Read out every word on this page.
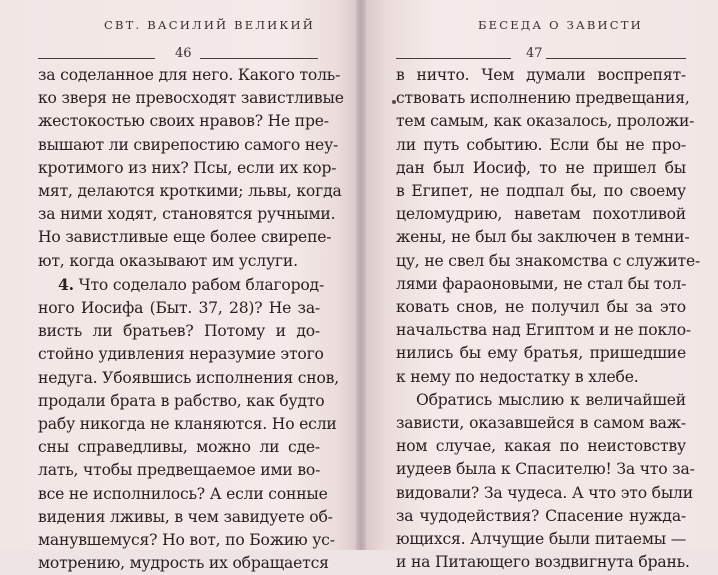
СВТ. ВАСИЛИЙ ВЕЛИКИЙ
46
за соделанное для него. Какого толь-
ко зверя не превосходят завистливые
жестокостью своих нравов? Не пре-
вышают ли свирепостию самого неу-
кротимого из них? Псы, если их кор-
мят, делаются кроткими; львы, когда
за ними ходят, становятся ручными.
Но завистливые еще более свирепе-
ют, когда оказывают им услуги.
4. Что соделало рабом благород-
ного Иосифа (Быт. 37, 28)? Не за-
висть ли братьев? Потому и до-
стойно удивления неразумие этого
недуга. Убоявшись исполнения снов,
продали брата в рабство, как будто
рабу никогда не кланяются. Но если
сны справедливы, можно ли сде-
лать, чтобы предвещаемое ими во-
все не исполнилось? А если сонные
видения лживы, в чем завидуете об-
манувшемуся? Но вот, по Божию ус-
мотрению, мудрость их обращается
БЕСЕДА О ЗАВИСТИ
47
в ничто. Чем думали воспрепят-
ствовать исполнению предвещания,
тем самым, как оказалось, проложи-
ли путь событию. Если бы не про-
дан был Иосиф, то не пришел бы
в Египет, не подпал бы, по своему
целомудрию, наветам похотливой
жены, не был бы заключен в темни-
цу, не свел бы знакомства с служите-
лями фараоновыми, не стал бы тол-
ковать снов, не получил бы за это
начальства над Египтом и не покло-
нились бы ему братья, пришедшие
к нему по недостатку в хлебе.
Обратись мыслию к величайшей
зависти, оказавшейся в самом важ-
ном случае, какая по неистовству
иудеев была к Спасителю! За что за-
видовали? За чудеса. А что это были
за чудодействия? Спасение нужда-
ющихся. Алчущие были питаемы —
и на Питающего воздвигнута брань.
